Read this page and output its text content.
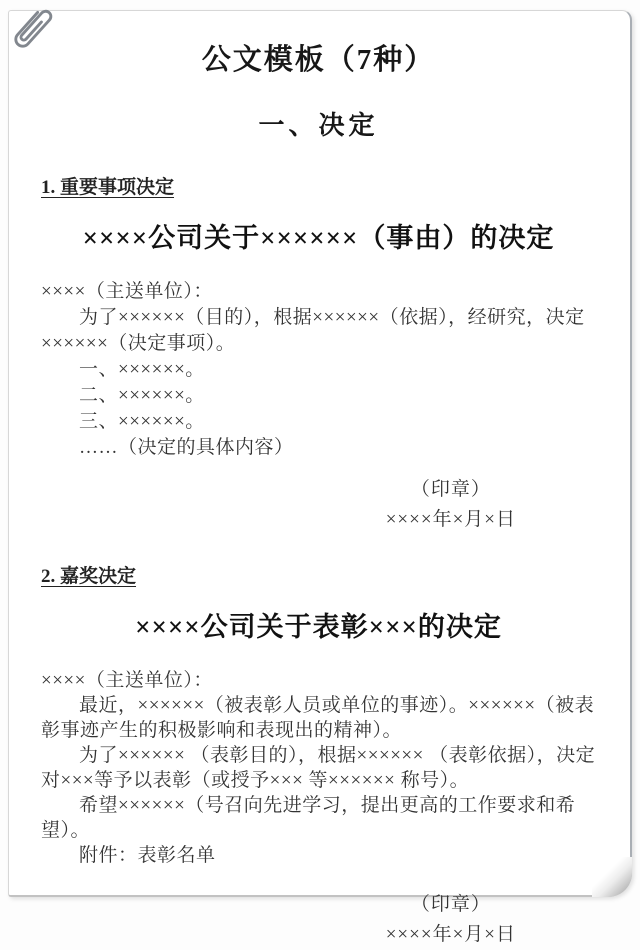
公文模板（7种）
一、决定
1. 重要事项决定
××××公司关于××××××（事由）的决定

××××（主送单位）：

为了××××××（目的），根据××××××（依据），经研究，决定××××××（决定事项）。

一、××××××。

二、××××××。

三、××××××。

……（决定的具体内容）

（印章）
××××年×月×日
2. 嘉奖决定
××××公司关于表彰×××的决定

××××（主送单位）：

最近，××××××（被表彰人员或单位的事迹）。××××××（被表彰事迹产生的积极影响和表现出的精神）。

为了×××××× （表彰目的），根据×××××× （表彰依据），决定对×××等予以表彰（或授予××× 等×××××× 称号）。

希望××××××（号召向先进学习，提出更高的工作要求和希望）。

附件：表彰名单

（印章）
××××年×月×日
